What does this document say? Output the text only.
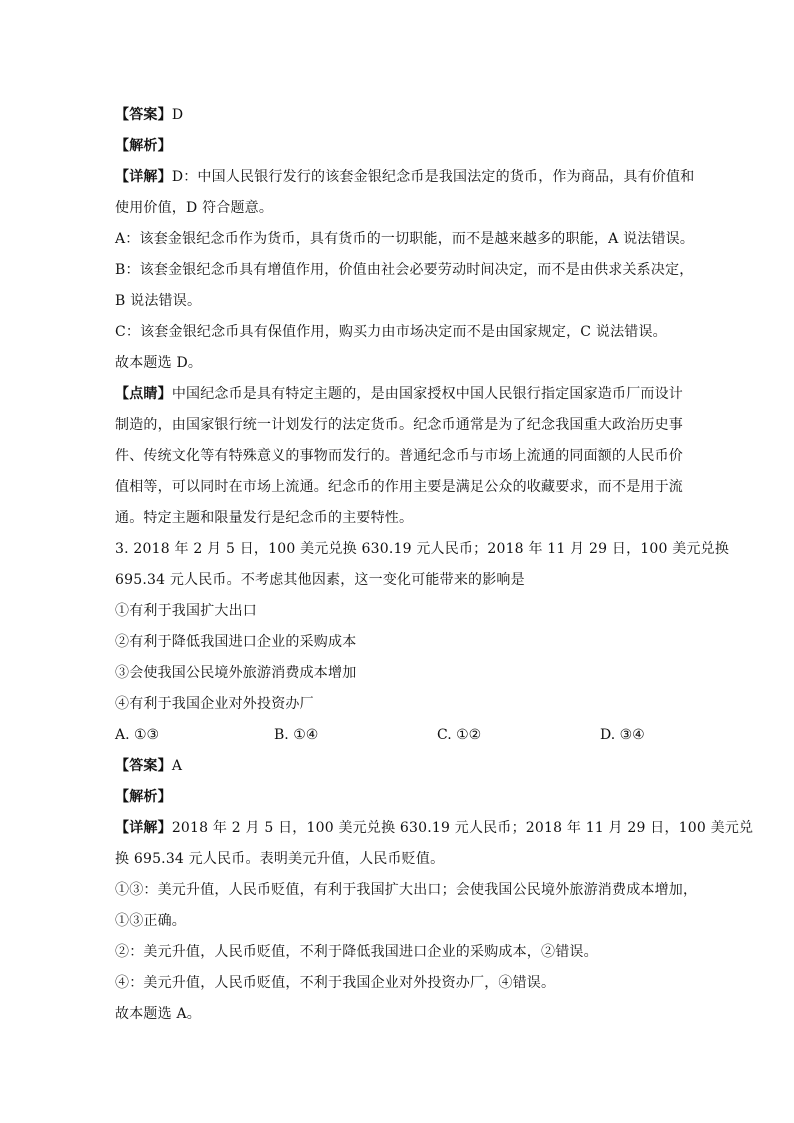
【答案】D
【解析】
【详解】D：中国人民银行发行的该套金银纪念币是我国法定的货币，作为商品，具有价值和
使用价值，D 符合题意。
A：该套金银纪念币作为货币，具有货币的一切职能，而不是越来越多的职能，A 说法错误。
B：该套金银纪念币具有增值作用，价值由社会必要劳动时间决定，而不是由供求关系决定，
B 说法错误。
C：该套金银纪念币具有保值作用，购买力由市场决定而不是由国家规定，C 说法错误。
故本题选 D。
【点睛】中国纪念币是具有特定主题的，是由国家授权中国人民银行指定国家造币厂而设计
制造的，由国家银行统一计划发行的法定货币。纪念币通常是为了纪念我国重大政治历史事
件、传统文化等有特殊意义的事物而发行的。普通纪念币与市场上流通的同面额的人民币价
值相等，可以同时在市场上流通。纪念币的作用主要是满足公众的收藏要求，而不是用于流
通。特定主题和限量发行是纪念币的主要特性。
3. 2018 年 2 月 5 日，100 美元兑换 630.19 元人民币；2018 年 11 月 29 日，100 美元兑换
695.34 元人民币。不考虑其他因素，这一变化可能带来的影响是
①有利于我国扩大出口
②有利于降低我国进口企业的采购成本
③会使我国公民境外旅游消费成本增加
④有利于我国企业对外投资办厂
A. ①③	B. ①④	C. ①②	D. ③④
【答案】A
【解析】
【详解】2018 年 2 月 5 日，100 美元兑换 630.19 元人民币；2018 年 11 月 29 日，100 美元兑
换 695.34 元人民币。表明美元升值，人民币贬值。
①③：美元升值，人民币贬值，有利于我国扩大出口；会使我国公民境外旅游消费成本增加，
①③正确。
②：美元升值，人民币贬值，不利于降低我国进口企业的采购成本，②错误。
④：美元升值，人民币贬值，不利于我国企业对外投资办厂，④错误。
故本题选 A。
